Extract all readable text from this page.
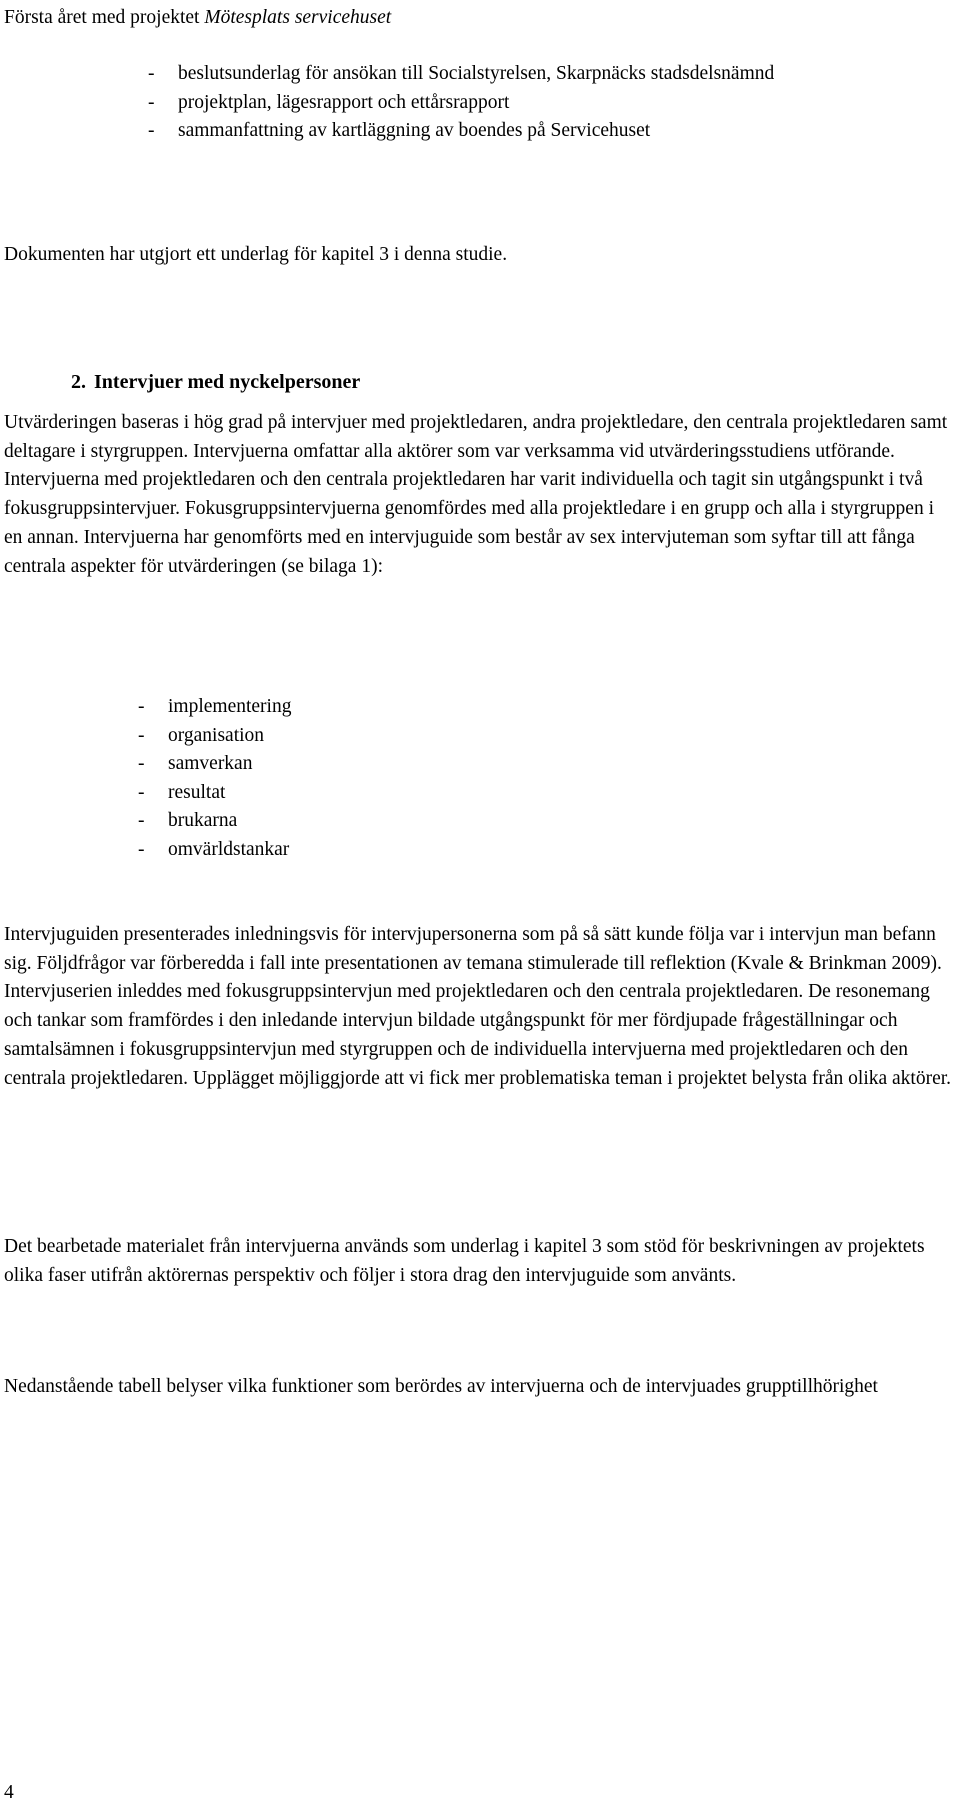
Första året med projektet Mötesplats servicehuset
- beslutsunderlag för ansökan till Socialstyrelsen, Skarpnäcks stadsdelsnämnd
- projektplan, lägesrapport och ettårsrapport
- sammanfattning av kartläggning av boendes på Servicehuset

Dokumenten har utgjort ett underlag för kapitel 3 i denna studie.

2. Intervjuer med nyckelpersoner

Utvärderingen baseras i hög grad på intervjuer med projektledaren, andra projektledare, den centrala projektledaren samt deltagare i styrgruppen. Intervjuerna omfattar alla aktörer som var verksamma vid utvärderingsstudiens utförande. Intervjuerna med projektledaren och den centrala projektledaren har varit individuella och tagit sin utgångspunkt i två fokusgruppsintervjuer. Fokusgruppsintervjuerna genomfördes med alla projektledare i en grupp och alla i styrgruppen i en annan. Intervjuerna har genomförts med en intervjuguide som består av sex intervjuteman som syftar till att fånga centrala aspekter för utvärderingen (se bilaga 1):

- implementering
- organisation
- samverkan
- resultat
- brukarna
- omvärldstankar

Intervjuguiden presenterades inledningsvis för intervjupersonerna som på så sätt kunde följa var i intervjun man befann sig. Följdfrågor var förberedda i fall inte presentationen av temana stimulerade till reflektion (Kvale & Brinkman 2009). Intervjuserien inleddes med fokusgruppsintervjun med projektledaren och den centrala projektledaren. De resonemang och tankar som framfördes i den inledande intervjun bildade utgångspunkt för mer fördjupade frågeställningar och samtalsämnen i fokusgruppsintervjun med styrgruppen och de individuella intervjuerna med projektledaren och den centrala projektledaren. Upplägget möjliggjorde att vi fick mer problematiska teman i projektet belysta från olika aktörer.

Det bearbetade materialet från intervjuerna används som underlag i kapitel 3 som stöd för beskrivningen av projektets olika faser utifrån aktörernas perspektiv och följer i stora drag den intervjuguide som använts.

Nedanstående tabell belyser vilka funktioner som berördes av intervjuerna och de intervjuades grupptillhörighet

4
